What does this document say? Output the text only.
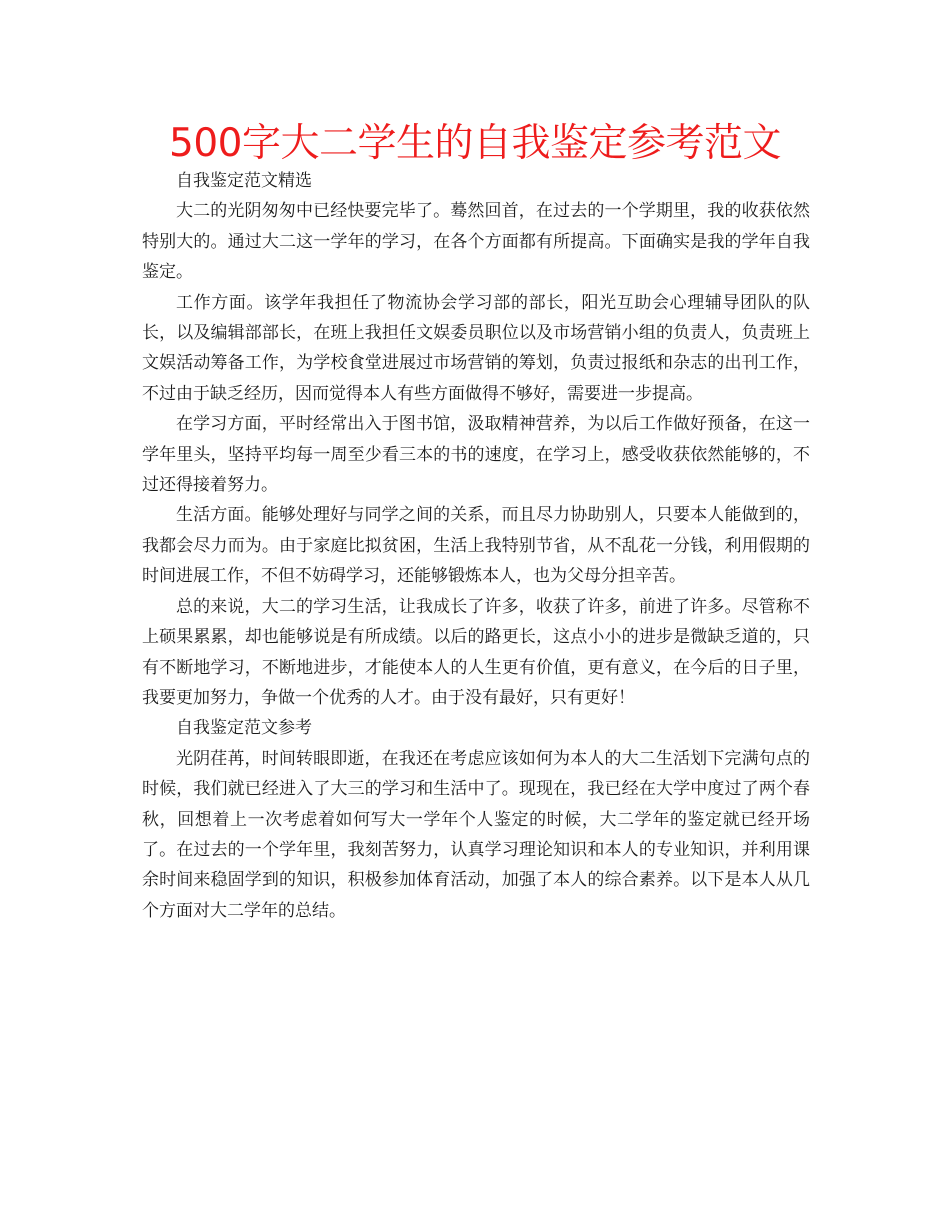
500字大二学生的自我鉴定参考范文

自我鉴定范文精选

大二的光阴匆匆中已经快要完毕了。蓦然回首，在过去的一个学期里，我的收获依然特别大的。通过大二这一学年的学习，在各个方面都有所提高。下面确实是我的学年自我鉴定。

工作方面。该学年我担任了物流协会学习部的部长，阳光互助会心理辅导团队的队长，以及编辑部部长，在班上我担任文娱委员职位以及市场营销小组的负责人，负责班上文娱活动筹备工作，为学校食堂进展过市场营销的筹划，负责过报纸和杂志的出刊工作，不过由于缺乏经历，因而觉得本人有些方面做得不够好，需要进一步提高。

在学习方面，平时经常出入于图书馆，汲取精神营养，为以后工作做好预备，在这一学年里头，坚持平均每一周至少看三本的书的速度，在学习上，感受收获依然能够的，不过还得接着努力。

生活方面。能够处理好与同学之间的关系，而且尽力协助别人，只要本人能做到的，我都会尽力而为。由于家庭比拟贫困，生活上我特别节省，从不乱花一分钱，利用假期的时间进展工作，不但不妨碍学习，还能够锻炼本人，也为父母分担辛苦。

总的来说，大二的学习生活，让我成长了许多，收获了许多，前进了许多。尽管称不上硕果累累，却也能够说是有所成绩。以后的路更长，这点小小的进步是微缺乏道的，只有不断地学习，不断地进步，才能使本人的人生更有价值，更有意义，在今后的日子里，我要更加努力，争做一个优秀的人才。由于没有最好，只有更好！

自我鉴定范文参考

光阴荏苒，时间转眼即逝，在我还在考虑应该如何为本人的大二生活划下完满句点的时候，我们就已经进入了大三的学习和生活中了。现现在，我已经在大学中度过了两个春秋，回想着上一次考虑着如何写大一学年个人鉴定的时候，大二学年的鉴定就已经开场了。在过去的一个学年里，我刻苦努力，认真学习理论知识和本人的专业知识，并利用课余时间来稳固学到的知识，积极参加体育活动，加强了本人的综合素养。以下是本人从几个方面对大二学年的总结。
